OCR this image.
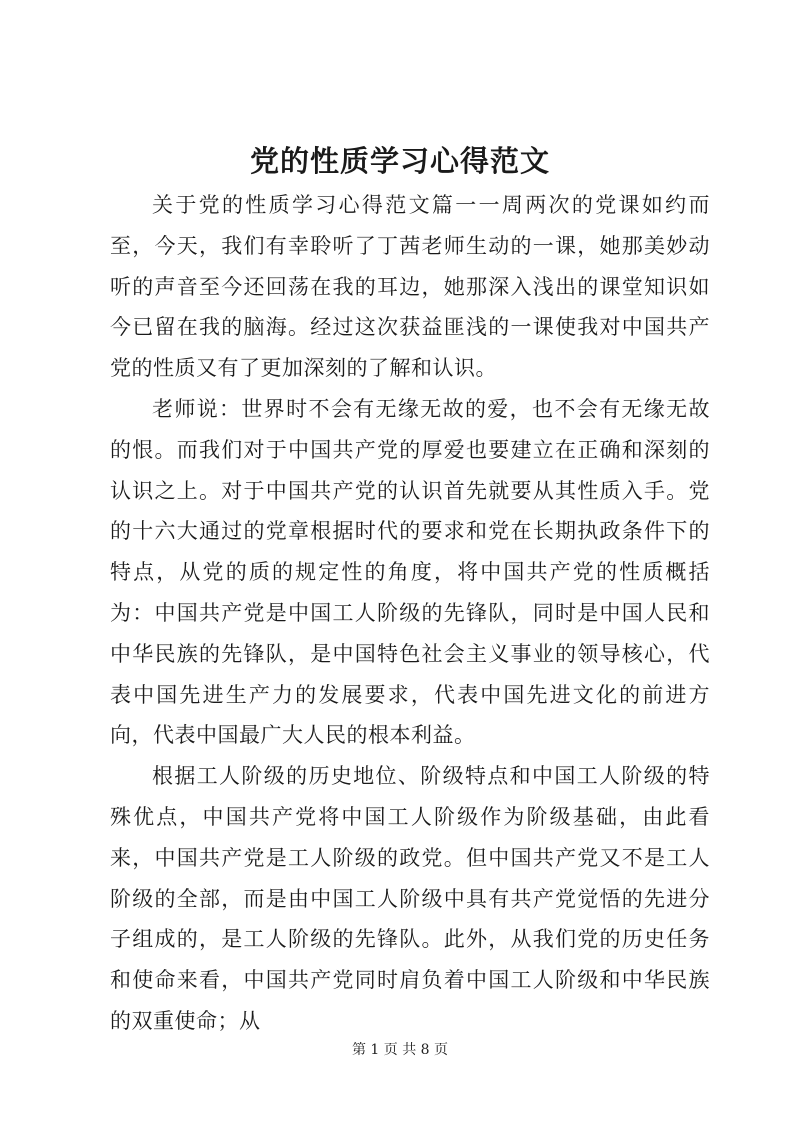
党的性质学习心得范文

关于党的性质学习心得范文篇一一周两次的党课如约而至，今天，我们有幸聆听了丁茜老师生动的一课，她那美妙动听的声音至今还回荡在我的耳边，她那深入浅出的课堂知识如今已留在我的脑海。经过这次获益匪浅的一课使我对中国共产党的性质又有了更加深刻的了解和认识。

老师说：世界时不会有无缘无故的爱，也不会有无缘无故的恨。而我们对于中国共产党的厚爱也要建立在正确和深刻的认识之上。对于中国共产党的认识首先就要从其性质入手。党的十六大通过的党章根据时代的要求和党在长期执政条件下的特点，从党的质的规定性的角度，将中国共产党的性质概括为：中国共产党是中国工人阶级的先锋队，同时是中国人民和中华民族的先锋队，是中国特色社会主义事业的领导核心，代表中国先进生产力的发展要求，代表中国先进文化的前进方向，代表中国最广大人民的根本利益。

根据工人阶级的历史地位、阶级特点和中国工人阶级的特殊优点，中国共产党将中国工人阶级作为阶级基础，由此看来，中国共产党是工人阶级的政党。但中国共产党又不是工人阶级的全部，而是由中国工人阶级中具有共产党觉悟的先进分子组成的，是工人阶级的先锋队。此外，从我们党的历史任务和使命来看，中国共产党同时肩负着中国工人阶级和中华民族的双重使命；从

第 1 页 共 8 页
